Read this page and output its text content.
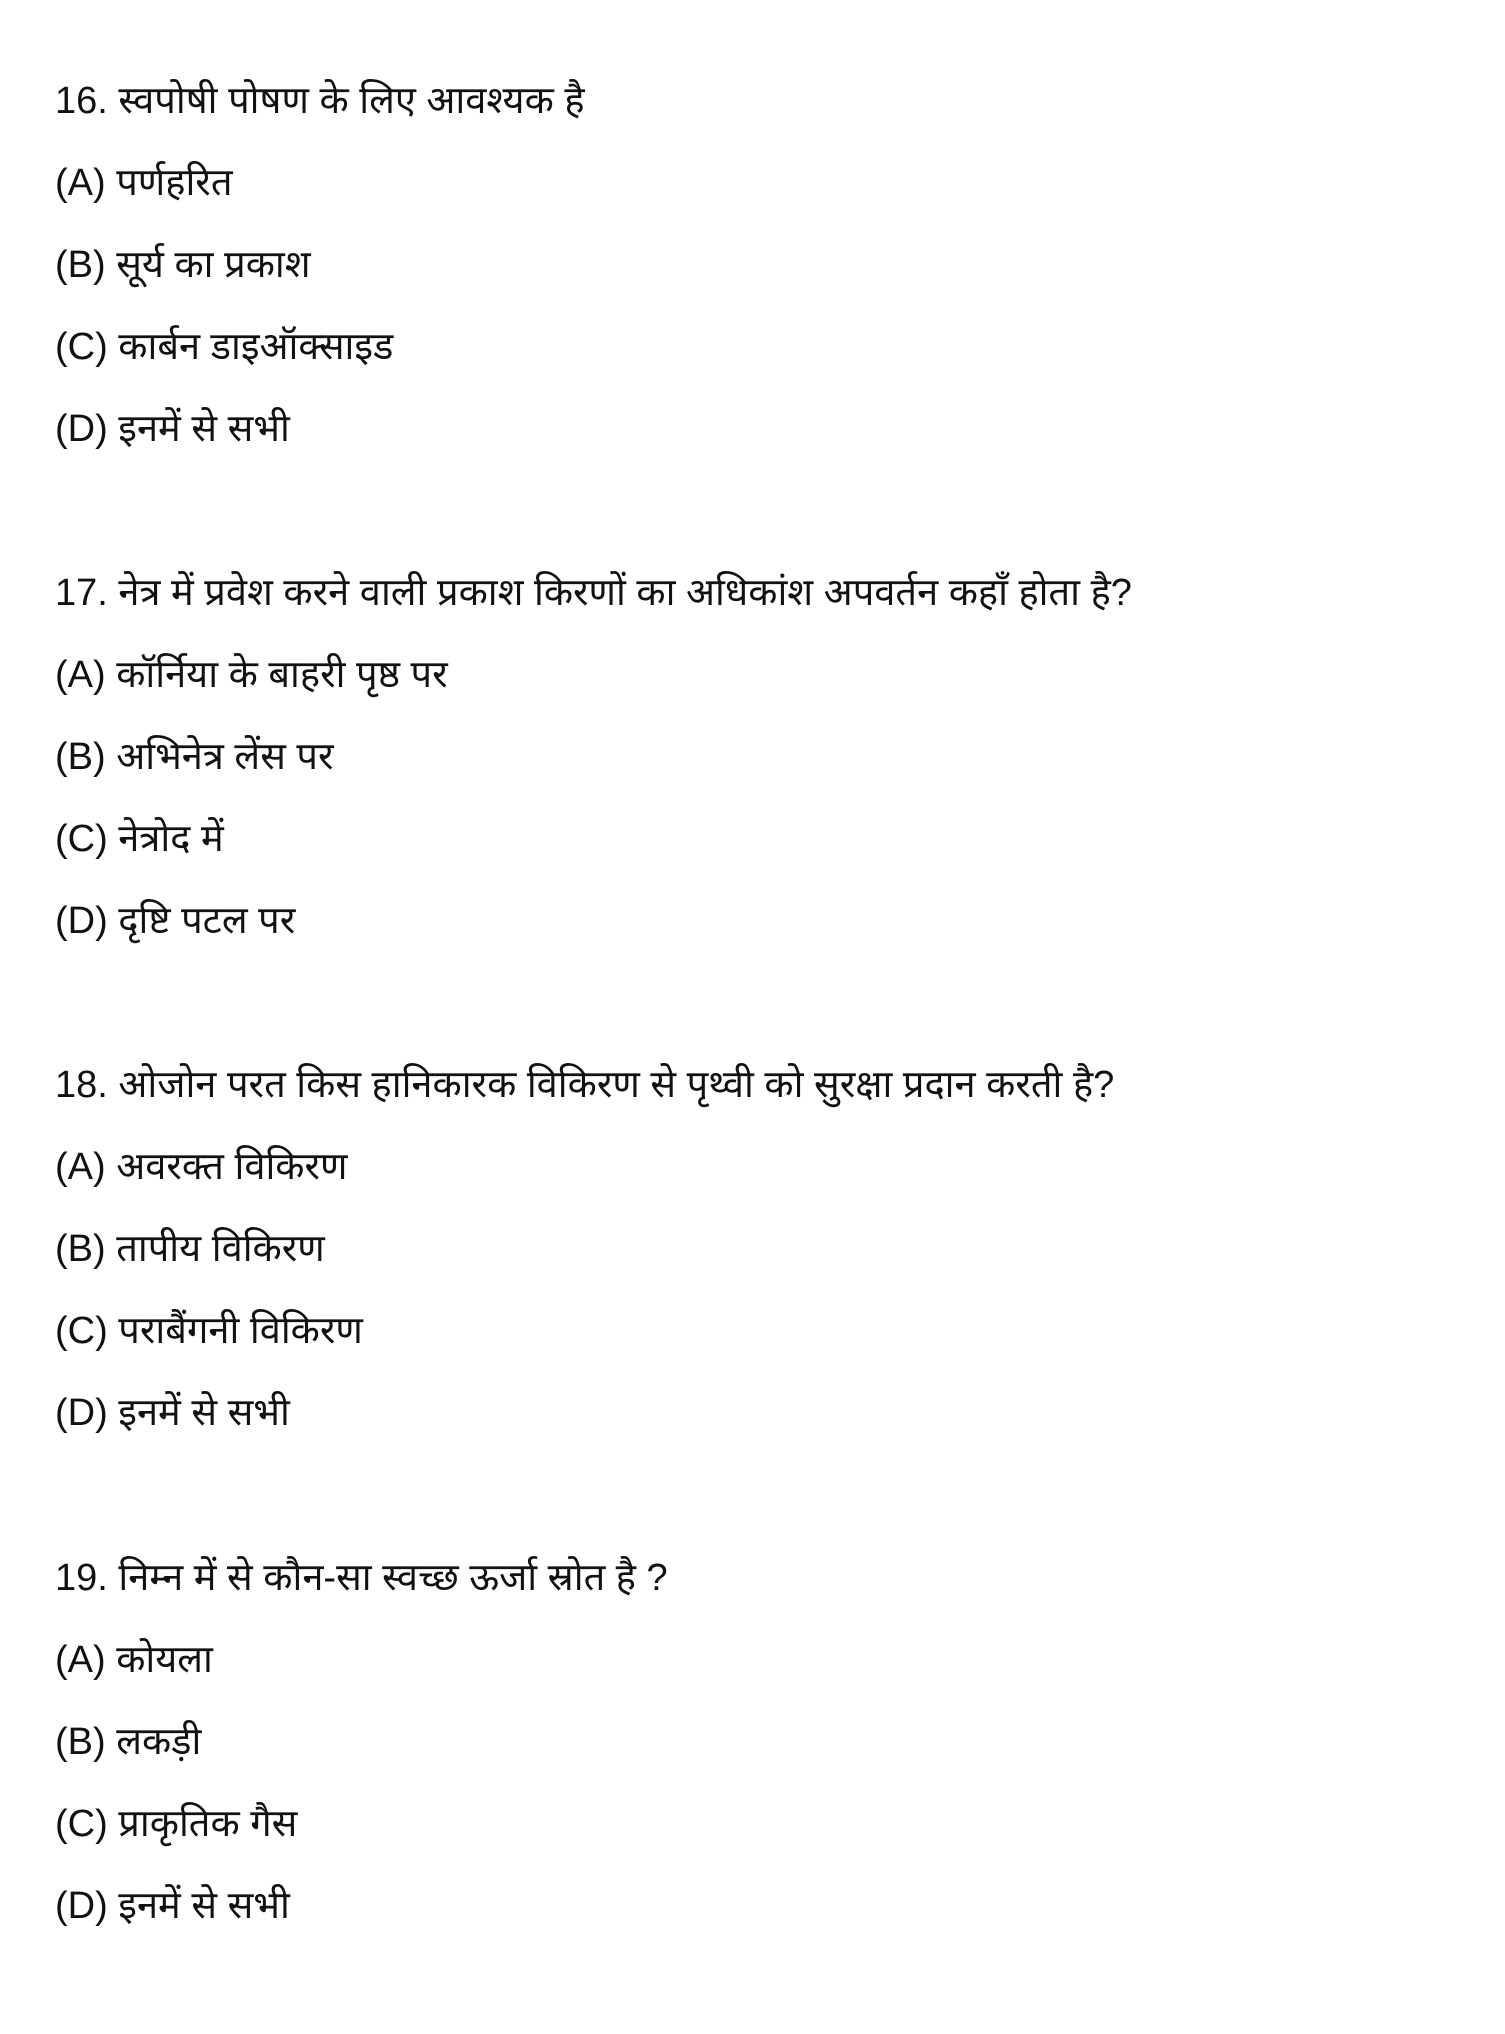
16. स्वपोषी पोषण के लिए आवश्यक है
(A) पर्णहरित
(B) सूर्य का प्रकाश
(C) कार्बन डाइऑक्साइड
(D) इनमें से सभी
17. नेत्र में प्रवेश करने वाली प्रकाश किरणों का अधिकांश अपवर्तन कहाँ होता है?
(A) कॉर्निया के बाहरी पृष्ठ पर
(B) अभिनेत्र लेंस पर
(C) नेत्रोद में
(D) दृष्टि पटल पर
18. ओजोन परत किस हानिकारक विकिरण से पृथ्वी को सुरक्षा प्रदान करती है?
(A) अवरक्त विकिरण
(B) तापीय विकिरण
(C) पराबैंगनी विकिरण
(D) इनमें से सभी
19. निम्न में से कौन-सा स्वच्छ ऊर्जा स्रोत है ?
(A) कोयला
(B) लकड़ी
(C) प्राकृतिक गैस
(D) इनमें से सभी
